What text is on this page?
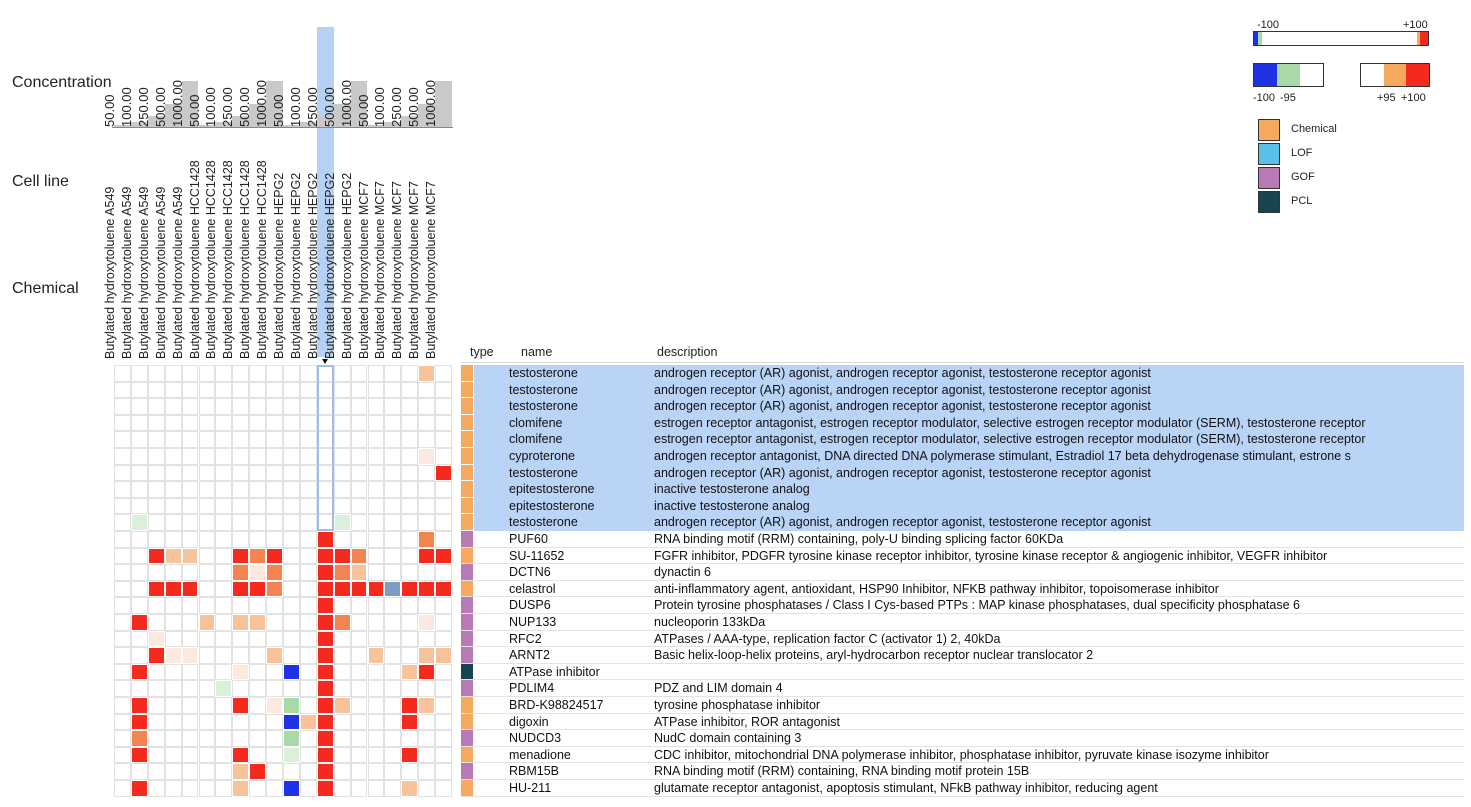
Concentration
Cell line
Chemical
50.00
Butylated hydroxytoluene A549
100.00
Butylated hydroxytoluene A549
250.00
Butylated hydroxytoluene A549
500.00
Butylated hydroxytoluene A549
1000.00
Butylated hydroxytoluene A549
50.00
Butylated hydroxytoluene HCC1428
100.00
Butylated hydroxytoluene HCC1428
250.00
Butylated hydroxytoluene HCC1428
500.00
Butylated hydroxytoluene HCC1428
1000.00
Butylated hydroxytoluene HCC1428
50.00
Butylated hydroxytoluene HEPG2
100.00
Butylated hydroxytoluene HEPG2
250.00
Butylated hydroxytoluene HEPG2
500.00
Butylated hydroxytoluene HEPG2
1000.00
Butylated hydroxytoluene HEPG2
50.00
Butylated hydroxytoluene MCF7
100.00
Butylated hydroxytoluene MCF7
250.00
Butylated hydroxytoluene MCF7
500.00
Butylated hydroxytoluene MCF7
1000.00
Butylated hydroxytoluene MCF7
testosterone	androgen receptor (AR) agonist, androgen receptor agonist, testosterone receptor agonist
testosterone	androgen receptor (AR) agonist, androgen receptor agonist, testosterone receptor agonist
testosterone	androgen receptor (AR) agonist, androgen receptor agonist, testosterone receptor agonist
clomifene	estrogen receptor antagonist, estrogen receptor modulator, selective estrogen receptor modulator (SERM), testosterone receptor
clomifene	estrogen receptor antagonist, estrogen receptor modulator, selective estrogen receptor modulator (SERM), testosterone receptor
cyproterone	androgen receptor antagonist, DNA directed DNA polymerase stimulant, Estradiol 17 beta dehydrogenase stimulant, estrone s
testosterone	androgen receptor (AR) agonist, androgen receptor agonist, testosterone receptor agonist
epitestosterone	inactive testosterone analog
epitestosterone	inactive testosterone analog
testosterone	androgen receptor (AR) agonist, androgen receptor agonist, testosterone receptor agonist
PUF60	RNA binding motif (RRM) containing, poly-U binding splicing factor 60KDa
SU-11652	FGFR inhibitor, PDGFR tyrosine kinase receptor inhibitor, tyrosine kinase receptor & angiogenic inhibitor, VEGFR inhibitor
DCTN6	dynactin 6
celastrol	anti-inflammatory agent, antioxidant, HSP90 Inhibitor, NFKB pathway inhibitor, topoisomerase inhibitor
DUSP6	Protein tyrosine phosphatases / Class I Cys-based PTPs : MAP kinase phosphatases, dual specificity phosphatase 6
NUP133	nucleoporin 133kDa
RFC2	ATPases / AAA-type, replication factor C (activator 1) 2, 40kDa
ARNT2	Basic helix-loop-helix proteins, aryl-hydrocarbon receptor nuclear translocator 2
ATPase inhibitor
PDLIM4	PDZ and LIM domain 4
BRD-K98824517	tyrosine phosphatase inhibitor
digoxin	ATPase inhibitor, ROR antagonist
NUDCD3	NudC domain containing 3
menadione	CDC inhibitor, mitochondrial DNA polymerase inhibitor, phosphatase inhibitor, pyruvate kinase isozyme inhibitor
RBM15B	RNA binding motif (RRM) containing, RNA binding motif protein 15B
HU-211	glutamate receptor antagonist, apoptosis stimulant, NFkB pathway inhibitor, reducing agent
type name	description
-100	+100
-100 -95	+95 +100
Chemical
LOF
GOF
PCL
